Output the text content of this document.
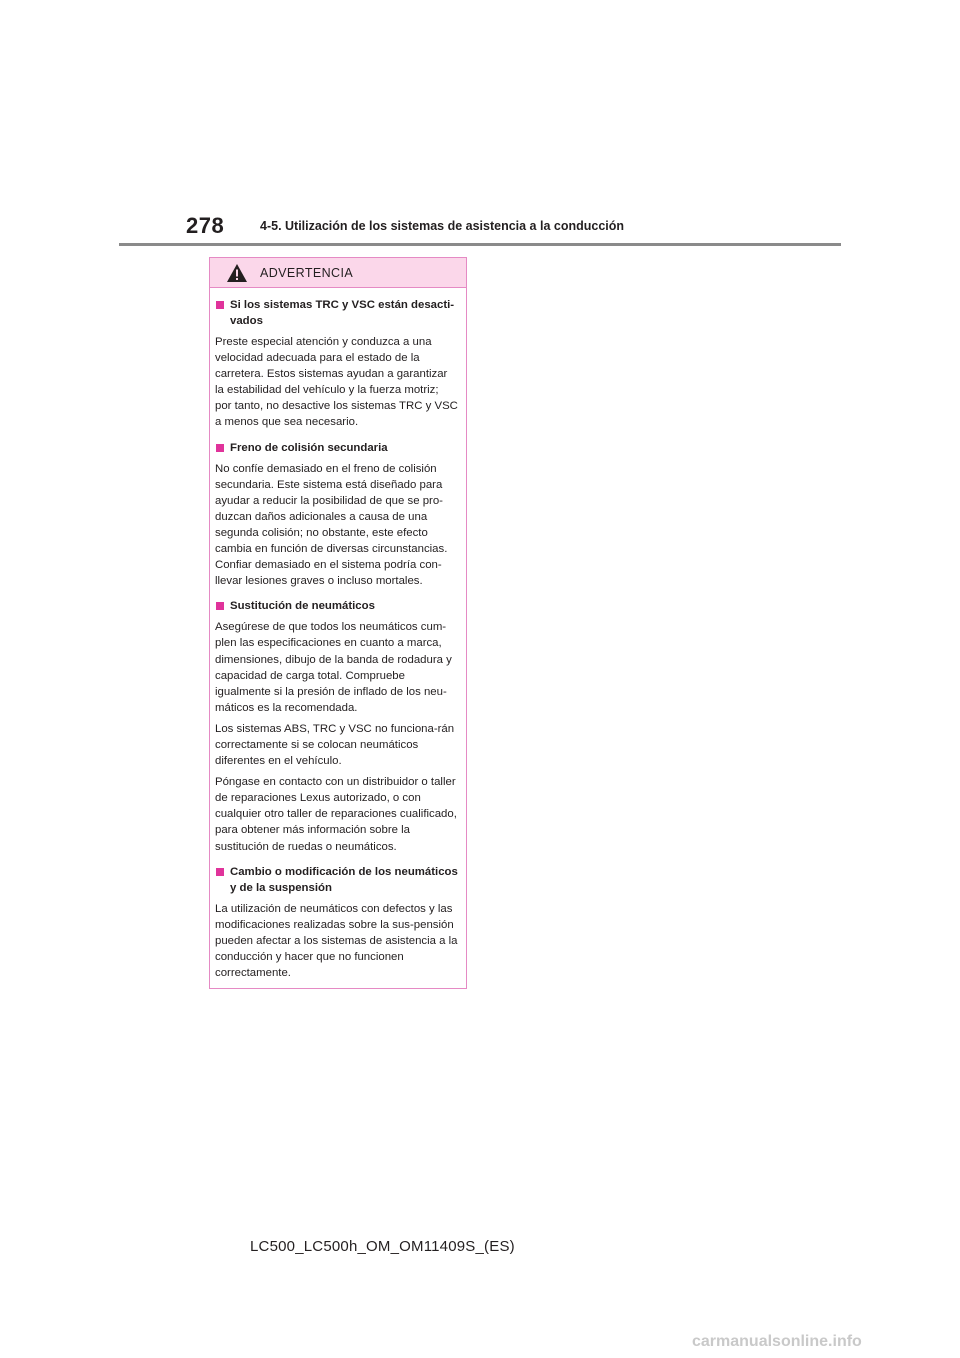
278	4-5. Utilización de los sistemas de asistencia a la conducción
ADVERTENCIA
Si los sistemas TRC y VSC están desacti-vados
Preste especial atención y conduzca a una velocidad adecuada para el estado de la carretera. Estos sistemas ayudan a garantizar la estabilidad del vehículo y la fuerza motriz; por tanto, no desactive los sistemas TRC y VSC a menos que sea necesario.
Freno de colisión secundaria
No confíe demasiado en el freno de colisión secundaria. Este sistema está diseñado para ayudar a reducir la posibilidad de que se pro-duzcan daños adicionales a causa de una segunda colisión; no obstante, este efecto cambia en función de diversas circunstancias. Confiar demasiado en el sistema podría con-llevar lesiones graves o incluso mortales.
Sustitución de neumáticos
Asegúrese de que todos los neumáticos cum-plen las especificaciones en cuanto a marca, dimensiones, dibujo de la banda de rodadura y capacidad de carga total. Compruebe igualmente si la presión de inflado de los neu-máticos es la recomendada.
Los sistemas ABS, TRC y VSC no funciona-rán correctamente si se colocan neumáticos diferentes en el vehículo.
Póngase en contacto con un distribuidor o taller de reparaciones Lexus autorizado, o con cualquier otro taller de reparaciones cualificado, para obtener más información sobre la sustitución de ruedas o neumáticos.
Cambio o modificación de los neumáticos y de la suspensión
La utilización de neumáticos con defectos y las modificaciones realizadas sobre la sus-pensión pueden afectar a los sistemas de asistencia a la conducción y hacer que no funcionen correctamente.
LC500_LC500h_OM_OM11409S_(ES)
carmanualsonline.info
